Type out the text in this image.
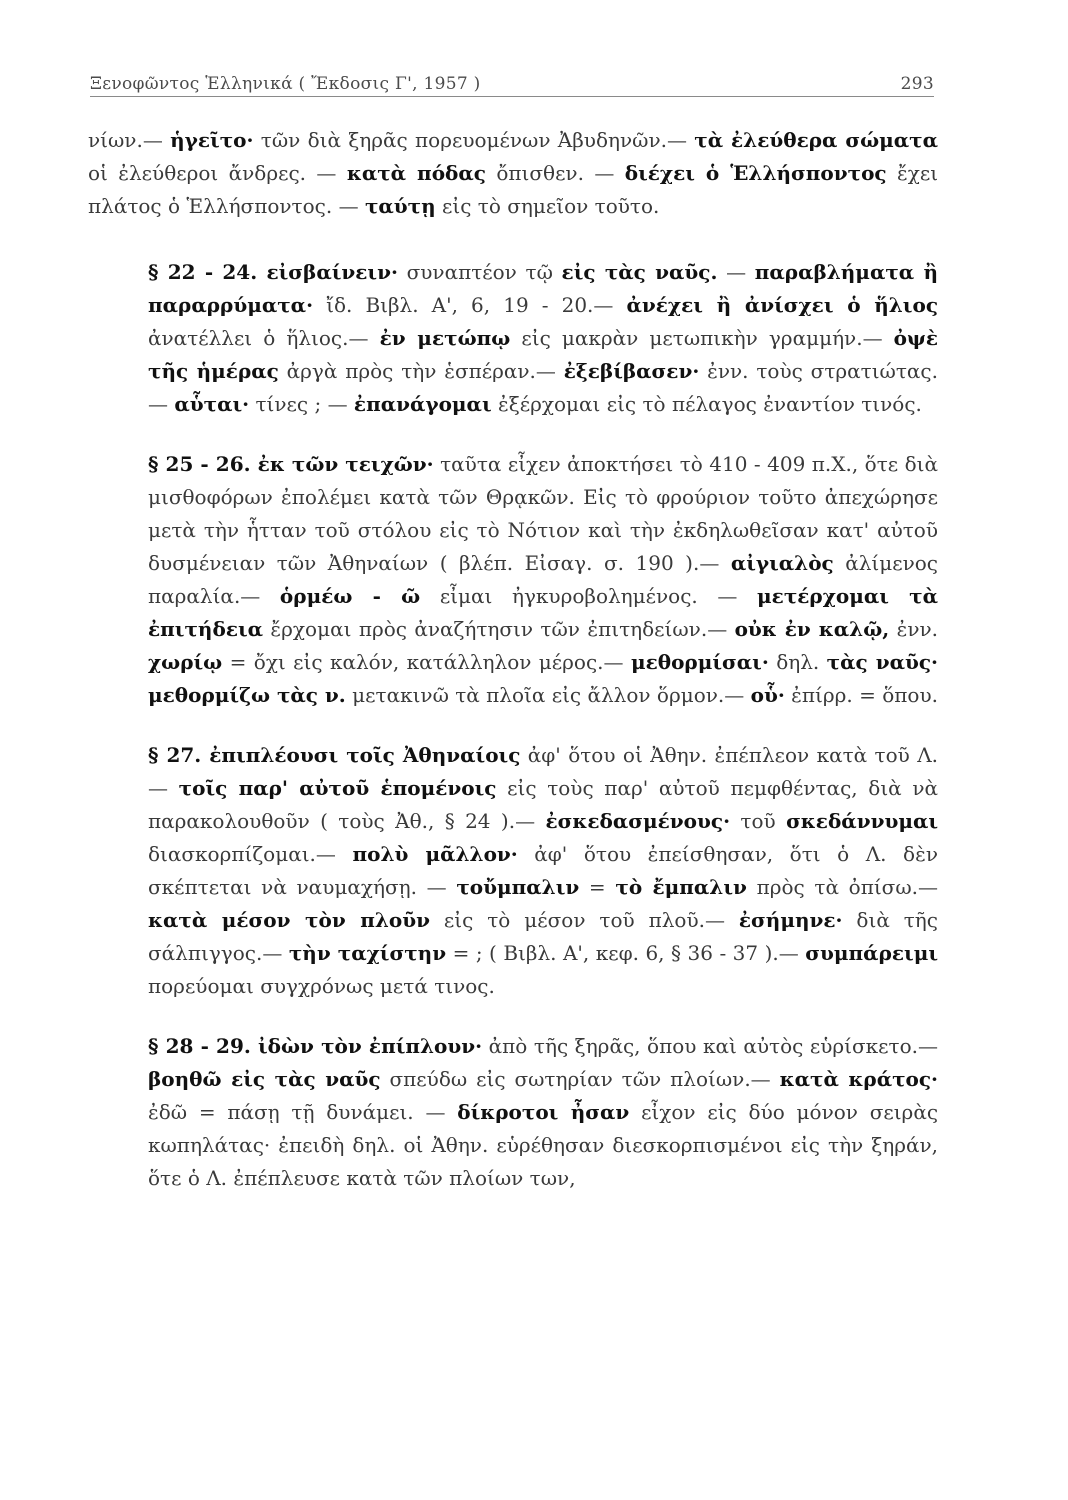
Ξενοφῶντος Ἑλληνικά ( Ἔκδοσις Γ', 1957 )	293

νίων.— ἡγεῖτο· τῶν διὰ ξηρᾶς πορευομένων Ἀβυδηνῶν.— τὰ ἐλεύθερα σώματα οἱ ἐλεύθεροι ἄνδρες. — κατὰ πόδας ὄπισθεν. — διέχει ὁ Ἑλλήσποντος ἔχει πλάτος ὁ Ἑλλήσποντος. — ταύτῃ εἰς τὸ σημεῖον τοῦτο.

§ 22 - 24. εἰσβαίνειν· συναπτέον τῷ εἰς τὰς ναῦς. — παραβλήματα ἢ παραρρύματα· ἴδ. Βιβλ. Α', 6, 19 - 20.— ἀνέχει ἢ ἀνίσχει ὁ ἥλιος ἀνατέλλει ὁ ἥλιος.— ἐν μετώπῳ εἰς μακρὰν μετωπικὴν γραμμήν.— ὀψὲ τῆς ἡμέρας ἀργὰ πρὸς τὴν ἑσπέραν.— ἐξεβίβασεν· ἐνν. τοὺς στρατιώτας.— αὗται· τίνες ; — ἐπανάγομαι ἐξέρχομαι εἰς τὸ πέλαγος ἐναντίον τινός.

§ 25 - 26. ἐκ τῶν τειχῶν· ταῦτα εἶχεν ἀποκτήσει τὸ 410 - 409 π.Χ., ὅτε διὰ μισθοφόρων ἐπολέμει κατὰ τῶν Θρᾳκῶν. Εἰς τὸ φρούριον τοῦτο ἀπεχώρησε μετὰ τὴν ἧτταν τοῦ στόλου εἰς τὸ Νότιον καὶ τὴν ἐκδηλωθεῖσαν κατ' αὐτοῦ δυσμένειαν τῶν Ἀθηναίων ( βλέπ. Εἰσαγ. σ. 190 ).— αἰγιαλὸς ἀλίμενος παραλία.— ὁρμέω - ῶ εἶμαι ἠγκυροβολημένος. — μετέρχομαι τὰ ἐπιτήδεια ἔρχομαι πρὸς ἀναζήτησιν τῶν ἐπιτηδείων.— οὐκ ἐν καλῷ, ἐνν. χωρίῳ = ὄχι εἰς καλόν, κατάλληλον μέρος.— μεθορμίσαι· δηλ. τὰς ναῦς· μεθορμίζω τὰς ν. μετακινῶ τὰ πλοῖα εἰς ἄλλον ὅρμον.— οὗ· ἐπίρρ. = ὅπου.

§ 27. ἐπιπλέουσι τοῖς Ἀθηναίοις ἀφ' ὅτου οἱ Ἀθην. ἐπέπλεον κατὰ τοῦ Λ. — τοῖς παρ' αὐτοῦ ἑπομένοις εἰς τοὺς παρ' αὐτοῦ πεμφθέντας, διὰ νὰ παρακολουθοῦν ( τοὺς Ἀθ., § 24 ).— ἐσκεδασμένους· τοῦ σκεδάννυμαι διασκορπίζομαι.— πολὺ μᾶλλον· ἀφ' ὅτου ἐπείσθησαν, ὅτι ὁ Λ. δὲν σκέπτεται νὰ ναυμαχήσῃ. — τοὔμπαλιν = τὸ ἔμπαλιν πρὸς τὰ ὀπίσω.— κατὰ μέσον τὸν πλοῦν εἰς τὸ μέσον τοῦ πλοῦ.— ἐσήμηνε· διὰ τῆς σάλπιγγος.— τὴν ταχίστην = ; ( Βιβλ. Α', κεφ. 6, § 36 - 37 ).— συμπάρειμι πορεύομαι συγχρόνως μετά τινος.

§ 28 - 29. ἰδὼν τὸν ἐπίπλουν· ἀπὸ τῆς ξηρᾶς, ὅπου καὶ αὐτὸς εὑρίσκετο.— βοηθῶ εἰς τὰς ναῦς σπεύδω εἰς σωτηρίαν τῶν πλοίων.— κατὰ κράτος· ἐδῶ = πάσῃ τῇ δυνάμει. — δίκροτοι ἦσαν εἶχον εἰς δύο μόνον σειρὰς κωπηλάτας· ἐπειδὴ δηλ. οἱ Ἀθην. εὑρέθησαν διεσκορπισμένοι εἰς τὴν ξηράν, ὅτε ὁ Λ. ἐπέπλευσε κατὰ τῶν πλοίων των,
